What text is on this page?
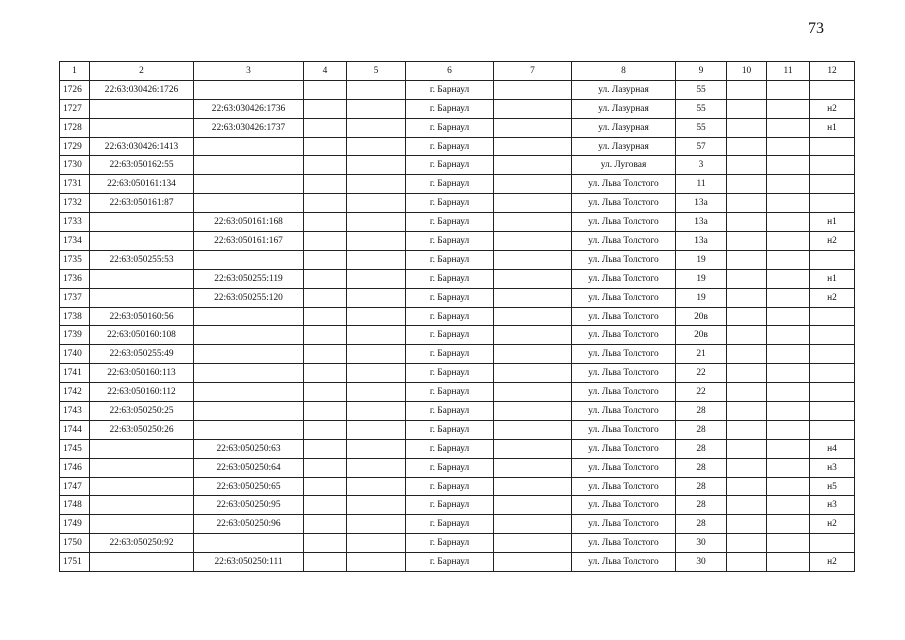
73
1	2	3	4	5	6	7	8	9	10	11	12
1726	22:63:030426:1726				г. Барнаул		ул. Лазурная	55			
1727		22:63:030426:1736			г. Барнаул		ул. Лазурная	55			н2
1728		22:63:030426:1737			г. Барнаул		ул. Лазурная	55			н1
1729	22:63:030426:1413				г. Барнаул		ул. Лазурная	57			
1730	22:63:050162:55				г. Барнаул		ул. Луговая	3			
1731	22:63:050161:134				г. Барнаул		ул. Льва Толстого	11			
1732	22:63:050161:87				г. Барнаул		ул. Льва Толстого	13а			
1733		22:63:050161:168			г. Барнаул		ул. Льва Толстого	13а			н1
1734		22:63:050161:167			г. Барнаул		ул. Льва Толстого	13а			н2
1735	22:63:050255:53				г. Барнаул		ул. Льва Толстого	19			
1736		22:63:050255:119			г. Барнаул		ул. Льва Толстого	19			н1
1737		22:63:050255:120			г. Барнаул		ул. Льва Толстого	19			н2
1738	22:63:050160:56				г. Барнаул		ул. Льва Толстого	20в			
1739	22:63:050160:108				г. Барнаул		ул. Льва Толстого	20в			
1740	22:63:050255:49				г. Барнаул		ул. Льва Толстого	21			
1741	22:63:050160:113				г. Барнаул		ул. Льва Толстого	22			
1742	22:63:050160:112				г. Барнаул		ул. Льва Толстого	22			
1743	22:63:050250:25				г. Барнаул		ул. Льва Толстого	28			
1744	22:63:050250:26				г. Барнаул		ул. Льва Толстого	28			
1745		22:63:050250:63			г. Барнаул		ул. Льва Толстого	28			н4
1746		22:63:050250:64			г. Барнаул		ул. Льва Толстого	28			н3
1747		22:63:050250:65			г. Барнаул		ул. Льва Толстого	28			н5
1748		22:63:050250:95			г. Барнаул		ул. Льва Толстого	28			н3
1749		22:63:050250:96			г. Барнаул		ул. Льва Толстого	28			н2
1750	22:63:050250:92				г. Барнаул		ул. Льва Толстого	30			
1751		22:63:050250:111			г. Барнаул		ул. Льва Толстого	30			н2
